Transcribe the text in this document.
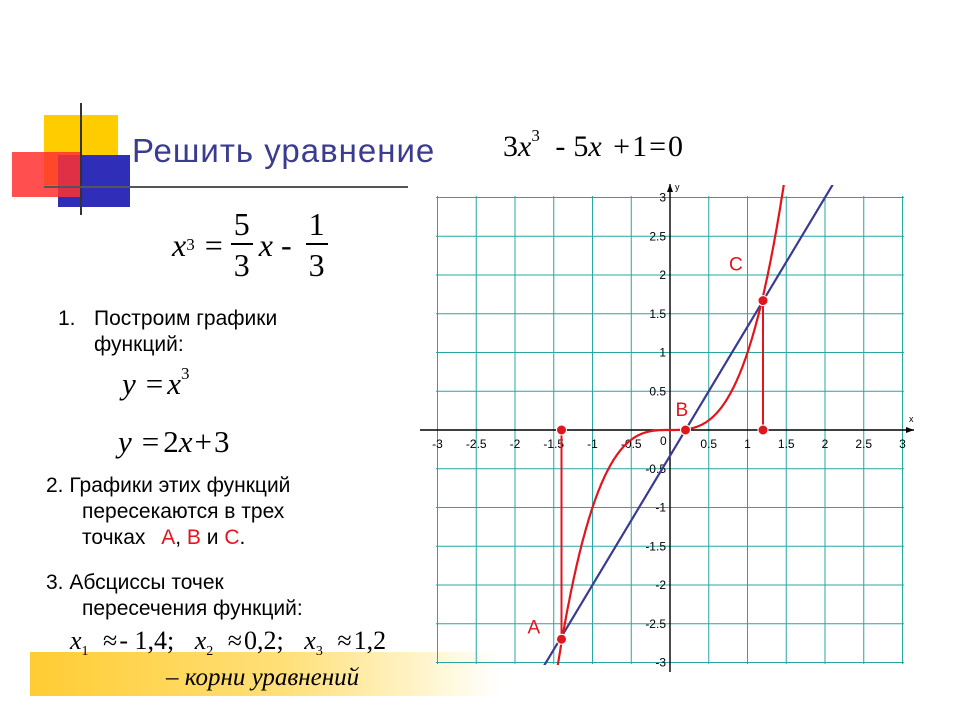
Решить уравнение $3x^3 - 5x +1=0$
x $3 = \frac{5}{3}$ x - $\frac{1}{3}$
1. Построим графики
функций:
$y = x^3$
y = 2x+3
2. Графики этих функций
пересекаются в трех
точках А, В и С.
3. Абсциссы точек
пересечения функций:
$x_1 \approx- 1,4$; $x_2 \approx 0,2$; $x_3 \approx 1,2$
– корни уравнений
x
y
-3 -2.5 -2 -1.5 -1 -0.5	0.5 1 1.5 2 2.5 3
3
2.5
2
1.5
1
0.5
-0.5
-1
-1.5
-2
-2.5
-3
0
А
В
С
